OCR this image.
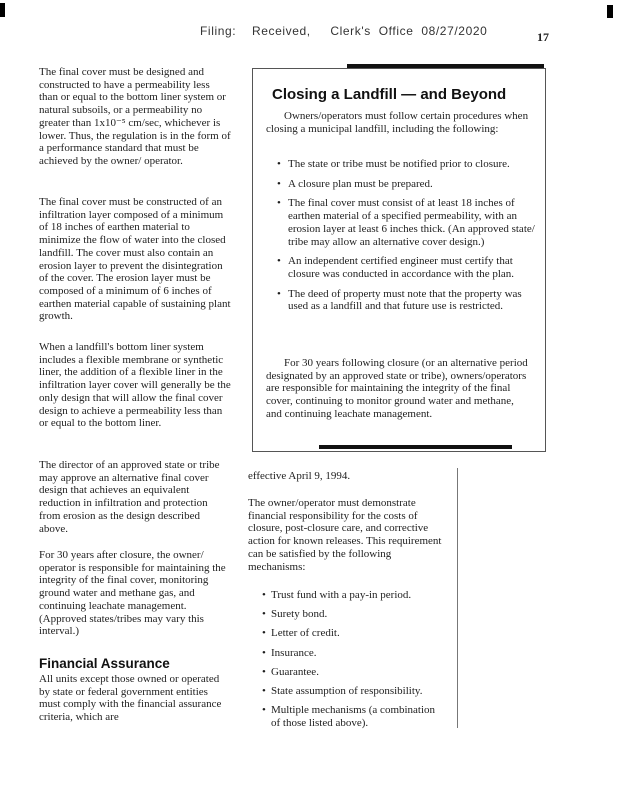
Filing:    Received,     Clerk's  Office  08/27/2020	17

The final cover must be designed and constructed to have a permeability less than or equal to the bottom liner system or natural subsoils, or a permeability no greater than 1x10⁻⁵ cm/sec, whichever is lower. Thus, the regulation is in the form of a performance standard that must be achieved by the owner/ operator.

The final cover must be constructed of an infiltration layer composed of a minimum of 18 inches of earthen material to minimize the flow of water into the closed landfill. The cover must also contain an erosion layer to prevent the disintegration of the cover. The erosion layer must be composed of a minimum of 6 inches of earthen material capable of sustaining plant growth.

When a landfill's bottom liner system includes a flexible membrane or synthetic liner, the addition of a flexible liner in the infiltration layer cover will generally be the only design that will allow the final cover design to achieve a permeability less than or equal to the bottom liner.

The director of an approved state or tribe may approve an alternative final cover design that achieves an equivalent reduction in infiltration and protection from erosion as the design described above.

For 30 years after closure, the owner/ operator is responsible for maintaining the integrity of the final cover, monitoring ground water and methane gas, and continuing leachate management. (Approved states/tribes may vary this interval.)

Financial Assurance

All units except those owned or operated by state or federal government entities must comply with the financial assurance criteria, which are

Closing a Landfill — and Beyond

Owners/operators must follow certain procedures when closing a municipal landfill, including the following:

• The state or tribe must be notified prior to closure.
• A closure plan must be prepared.
• The final cover must consist of at least 18 inches of earthen material of a specified permeability, with an erosion layer at least 6 inches thick. (An approved state/ tribe may allow an alternative cover design.)
• An independent certified engineer must certify that closure was conducted in accordance with the plan.
• The deed of property must note that the property was used as a landfill and that future use is restricted.

For 30 years following closure (or an alternative period designated by an approved state or tribe), owners/operators are responsible for maintaining the integrity of the final cover, continuing to monitor ground water and methane, and continuing leachate management.

effective April 9, 1994.

The owner/operator must demonstrate financial responsibility for the costs of closure, post-closure care, and corrective action for known releases. This requirement can be satisfied by the following mechanisms:

• Trust fund with a pay-in period.
• Surety bond.
• Letter of credit.
• Insurance.
• Guarantee.
• State assumption of responsibility.
• Multiple mechanisms (a combination of those listed above).
